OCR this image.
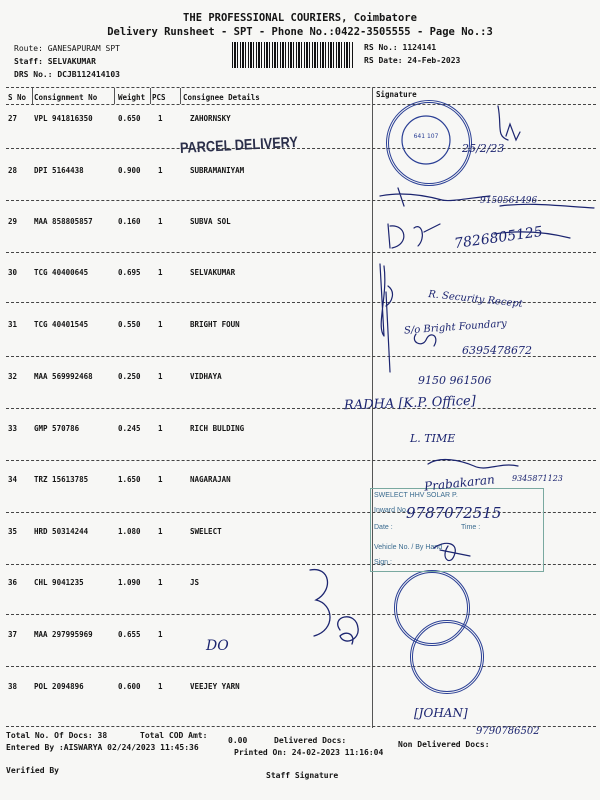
THE PROFESSIONAL COURIERS, Coimbatore
Delivery Runsheet - SPT - Phone No.:0422-3505555 - Page No.:3
Route: GANESAPURAM SPT
Staff: SELVAKUMAR
DRS No.: DCJB112414103
RS No.: 1124141
RS Date: 24-Feb-2023
S No Consignment No	Weight PCS Consignee Details	Signature
27 VPL 941816350	0.650 1	ZAHORNSKY
28 DPI 5164438	0.900 1	SUBRAMANIYAM
29 MAA 858805857	0.160 1	SUBVA SOL
30 TCG 40400645	0.695 1	SELVAKUMAR
31 TCG 40401545	0.550 1	BRIGHT FOUN
32 MAA 569992468	0.250 1	VIDHAYA
33 GMP 570786	0.245 1	RICH BULDING
34 TRZ 15613785	1.650 1	NAGARAJAN
35 HRD 50314244	1.080 1	SWELECT
36 CHL 9041235	1.090 1	JS
37 MAA 297995969	0.655 1
38 POL 2094896	0.600 1	VEEJEY YARN
PARCEL DELIVERY	641 107
SWELECT HHV SOLAR P.
Inward No.
Date :	Time :
Vehicle No. / By Hand
Sign :
25/2/23
9150561496
7826805125
R. Security Recept
S/o Bright Foundary
6395478672
9150 961506
RADHA [K.P. Office]
L. TIME
Prabakaran 9345871123
9787072515
DO
[JOHAN]
9790786502
Total No. Of Docs: 38	Total COD Amt:
0.00	Delivered Docs:	Non Delivered Docs:
Entered By :AISWARYA 02/24/2023 11:45:36
Printed On: 24-02-2023 11:16:04
Verified By
Staff Signature
